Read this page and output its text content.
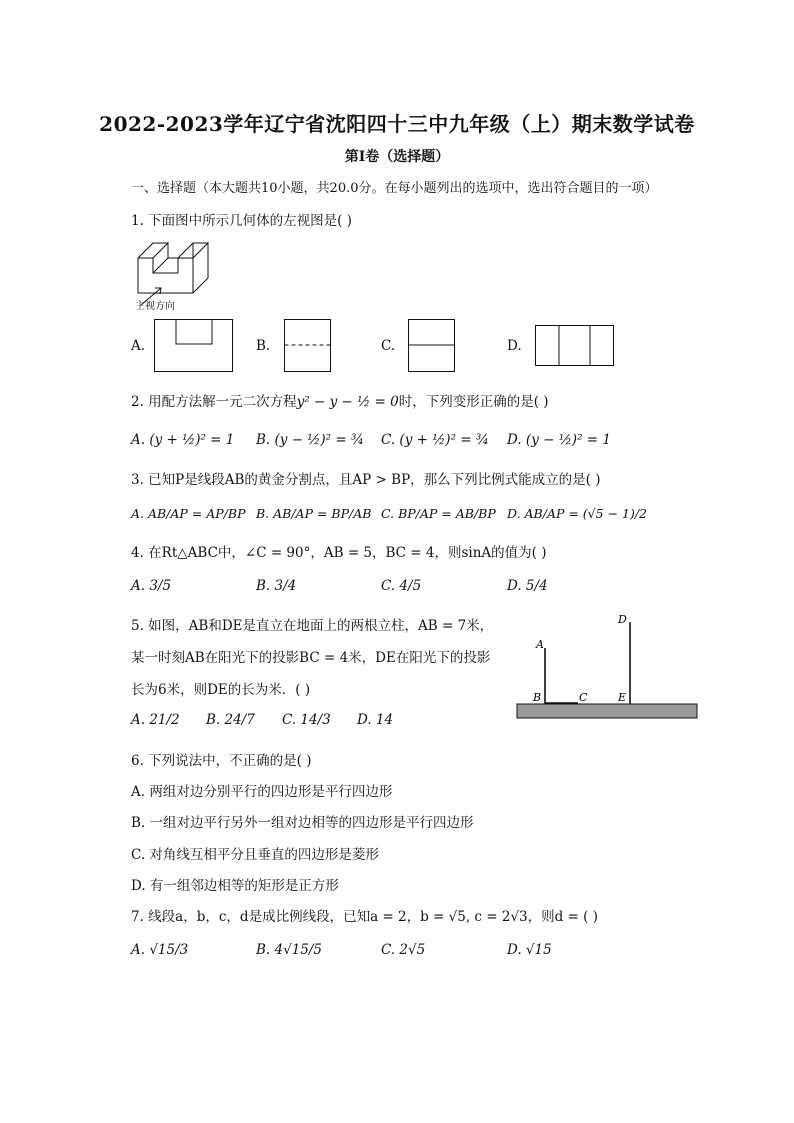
2022-2023学年辽宁省沈阳四十三中九年级（上）期末数学试卷
第I卷（选择题）
一、选择题（本大题共10小题，共20.0分。在每小题列出的选项中，选出符合题目的一项）
1. 下面图中所示几何体的左视图是( )
主视方向
A.	B.	C.	D.
2. 用配方法解一元二次方程y² − y − ½ = 0时，下列变形正确的是( )
A. (y + ½)² = 1 B. (y − ½)² = ¾ C. (y + ½)² = ¾ D. (y − ½)² = 1
3. 已知P是线段AB的黄金分割点，且AP > BP，那么下列比例式能成立的是( )
A. AB/AP = AP/BP B. AB/AP = BP/AB C. BP/AP = AB/BP D. AB/AP = (√5 − 1)/2
4. 在Rt△ABC中，∠C = 90°，AB = 5，BC = 4，则sinA的值为( )
A. 3/5	B. 3/4	C. 4/5	D. 5/4
5. 如图，AB和DE是直立在地面上的两根立柱，AB = 7米，
某一时刻AB在阳光下的投影BC = 4米，DE在阳光下的投影
长为6米，则DE的长为米．( )
A. 21/2 B. 24/7 C. 14/3 D. 14
A
B	C
D
E
6. 下列说法中，不正确的是( )
A. 两组对边分别平行的四边形是平行四边形
B. 一组对边平行另外一组对边相等的四边形是平行四边形
C. 对角线互相平分且垂直的四边形是菱形
D. 有一组邻边相等的矩形是正方形
7. 线段a，b，c，d是成比例线段，已知a = 2，b = √5, c = 2√3，则d = ( )
A. √15/3	B. 4√15/5	C. 2√5	D. √15
